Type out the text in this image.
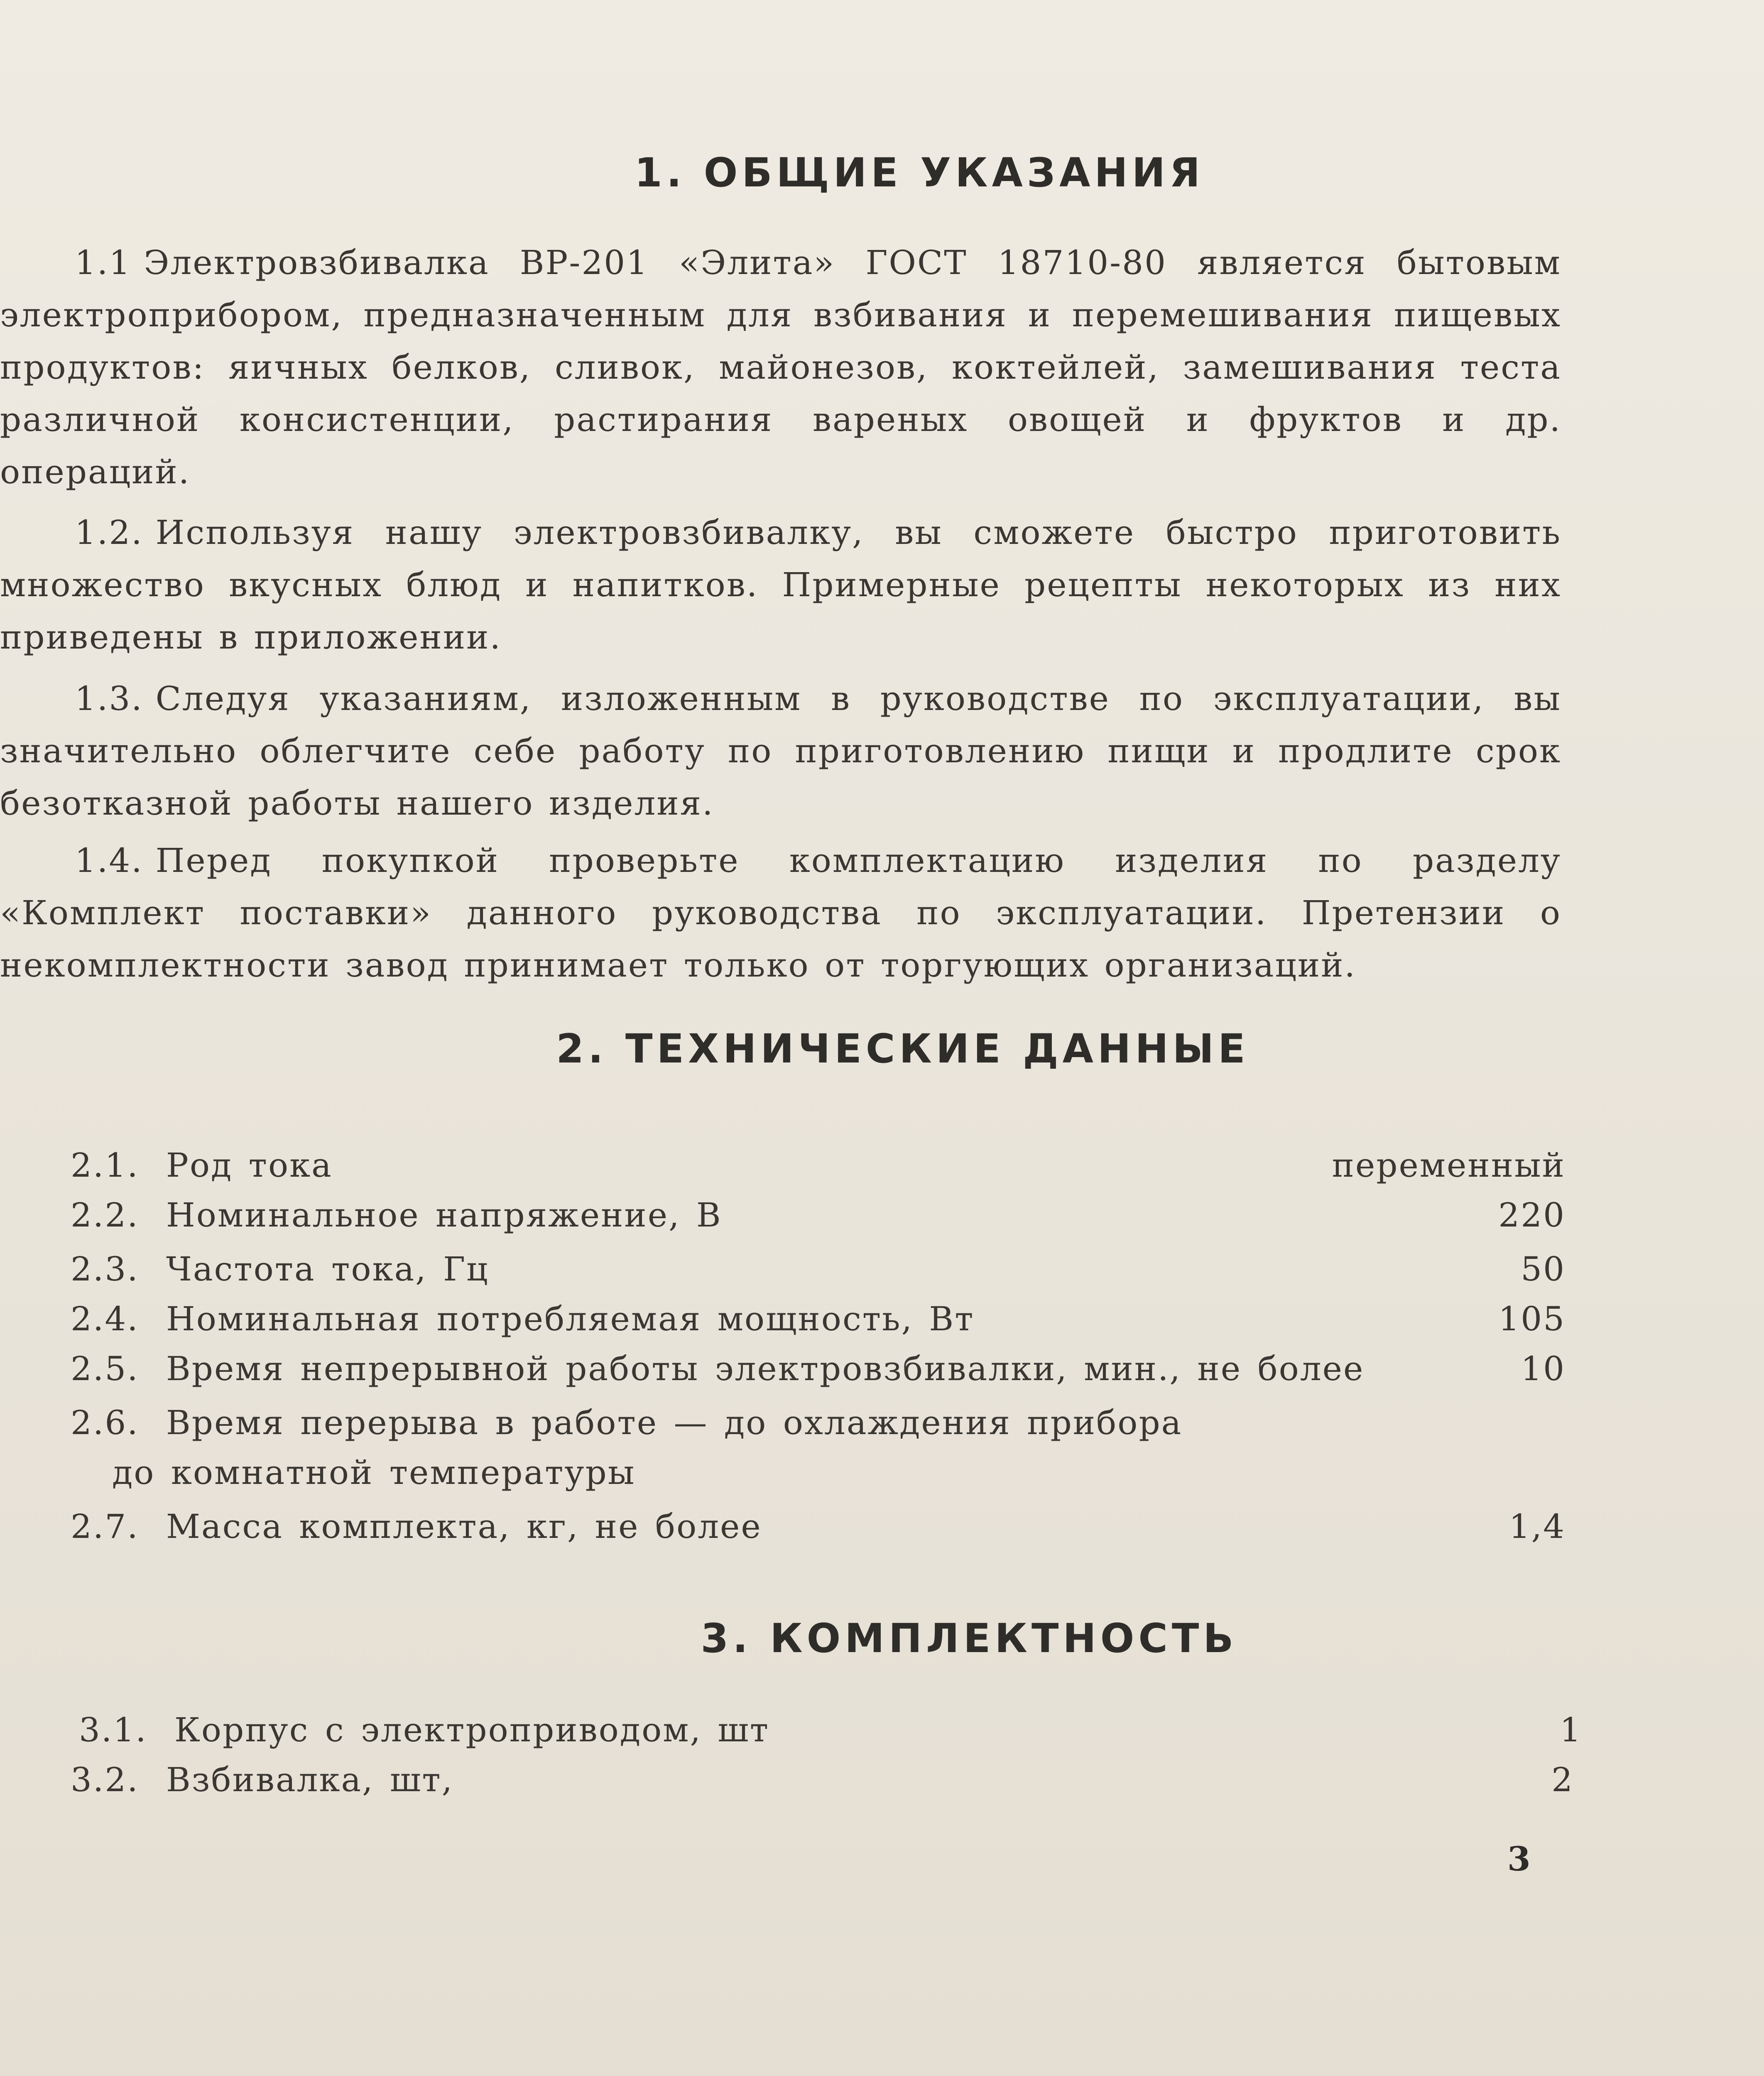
1. ОБЩИЕ УКАЗАНИЯ
1.1 Электровзбивалка ВР-201 «Элита» ГОСТ 18710-80 является бытовым электроприбором, предназначенным для взбивания и перемешивания пищевых продуктов: яичных белков, сливок, майонезов, коктейлей, замешивания теста различной консистенции, растирания вареных овощей и фруктов и др. операций.
1.2. Используя нашу электровзбивалку, вы сможете быстро приготовить множество вкусных блюд и напитков. Примерные рецепты некоторых из них приведены в приложении.
1.3. Следуя указаниям, изложенным в руководстве по эксплуатации, вы значительно облегчите себе работу по приготовлению пищи и продлите срок безотказной работы нашего изделия.
1.4. Перед покупкой проверьте комплектацию изделия по разделу «Комплект поставки» данного руководства по эксплуатации. Претензии о некомплектности завод принимает только от торгующих организаций.
2. ТЕХНИЧЕСКИЕ ДАННЫЕ
2.1. Род тока	переменный
2.2. Номинальное напряжение, В	220
2.3. Частота тока, Гц	50
2.4. Номинальная потребляемая мощность, Вт	105
2.5. Время непрерывной работы электровзбивалки, мин., не более	10
2.6. Время перерыва в работе — до охлаждения прибора
до комнатной температуры
2.7. Масса комплекта, кг, не более	1,4
3. КОМПЛЕКТНОСТЬ
3.1. Корпус с электроприводом, шт	1
3.2. Взбивалка, шт,	2
3
